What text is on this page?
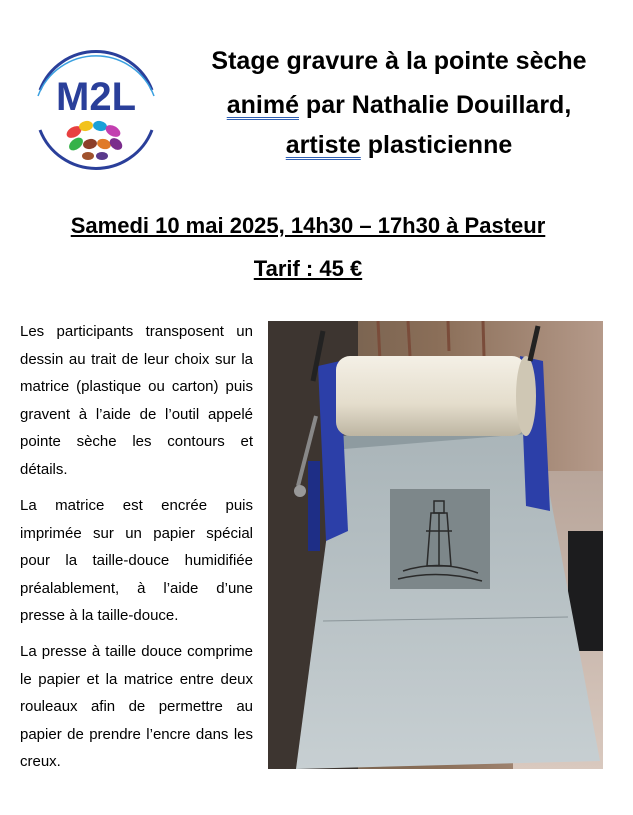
M2L
Stage gravure à la pointe sèche
animé par Nathalie Douillard,
artiste plasticienne
Samedi 10 mai 2025, 14h30 – 17h30 à Pasteur
Tarif : 45 €
Les participants transposent un dessin au trait de leur choix sur la matrice (plastique ou carton) puis gravent à l’aide de l’outil appelé pointe sèche les contours et détails.
La matrice est encrée puis imprimée sur un papier spécial pour la taille-douce humidifiée préalablement, à l’aide d’une presse à la taille-douce.
La presse à taille douce comprime le papier et la matrice entre deux rouleaux afin de permettre au papier de prendre l’encre dans les creux.
